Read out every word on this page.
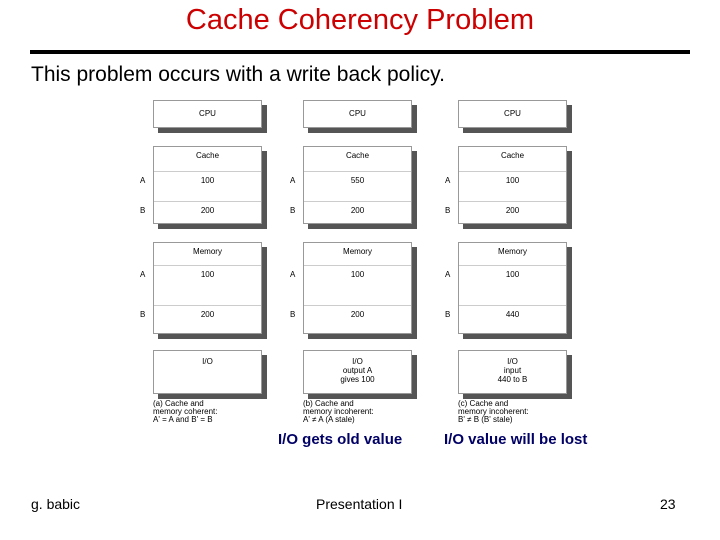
Cache Coherency Problem
This problem occurs with a write back policy.
CPU
Cache
A	100
B	200
Memory
A	100
B	200
I/O
(a) Cache and
memory coherent:
A' = A and B' = B
CPU
Cache
A	550
B	200
Memory
A	100
B	200
I/O
output A
gives 100
(b) Cache and
memory incoherent:
A' ≠ A (A stale)
CPU
Cache
A	100
B	200
Memory
A	100
B	440
I/O
input
440 to B
(c) Cache and
memory incoherent:
B' ≠ B (B' stale)
I/O gets old value	I/O value will be lost
g. babic	Presentation I	23
